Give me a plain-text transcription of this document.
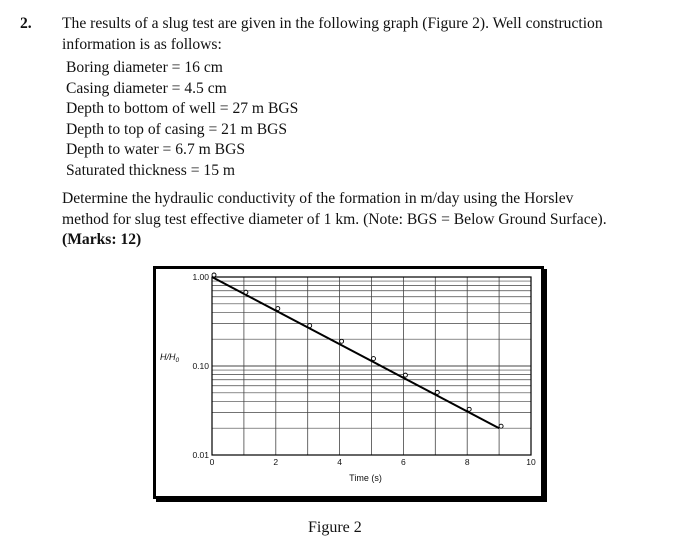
2. The results of a slug test are given in the following graph (Figure 2). Well construction
information is as follows:
Boring diameter = 16 cm
Casing diameter = 4.5 cm
Depth to bottom of well = 27 m BGS
Depth to top of casing = 21 m BGS
Depth to water = 6.7 m BGS
Saturated thickness = 15 m
Determine the hydraulic conductivity of the formation in m/day using the Horslev
method for slug test effective diameter of 1 km. (Note: BGS = Below Ground Surface).
(Marks: 12)
0	2	4	6	8	10
1.00
0.10
0.01
Time (s)
$H/H_0$
Figure 2
